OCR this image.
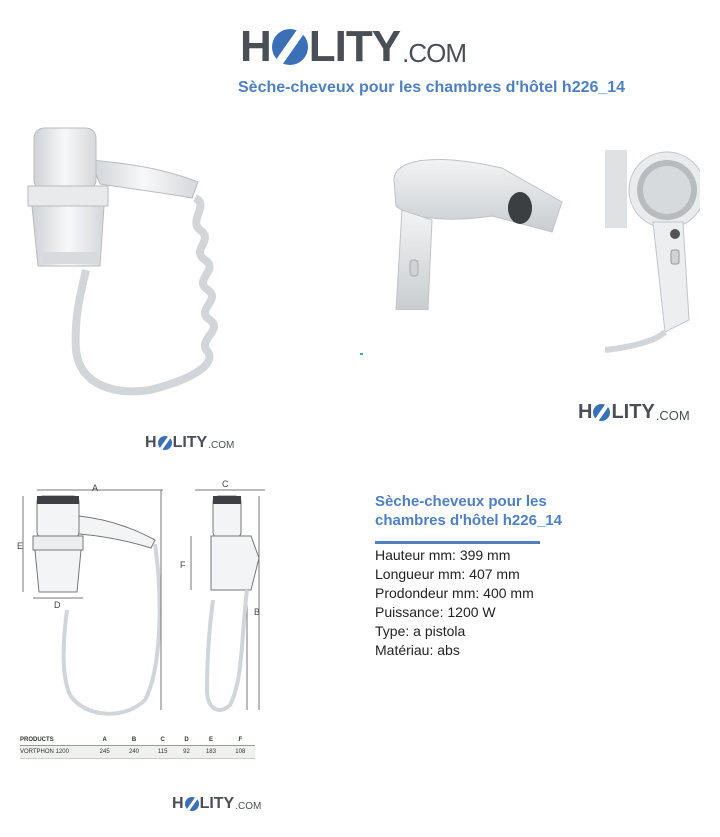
H LITY .COM
Sèche-cheveux pour les chambres d'hôtel h226_14
H LITY .COM
H LITY .COM
A	C
E
F
D
B
PRODUCTS	A	B	C	D	E	F
VORTPHON 1200	245	240	115	92	183	108
H LITY .COM
Sèche-cheveux pour les chambres d'hôtel h226_14
Hauteur mm:
399 mm
Longueur mm:
407 mm
Prodondeur mm:
400 mm
Puissance:
1200 W
Type:
a pistola
Matériau:
abs
